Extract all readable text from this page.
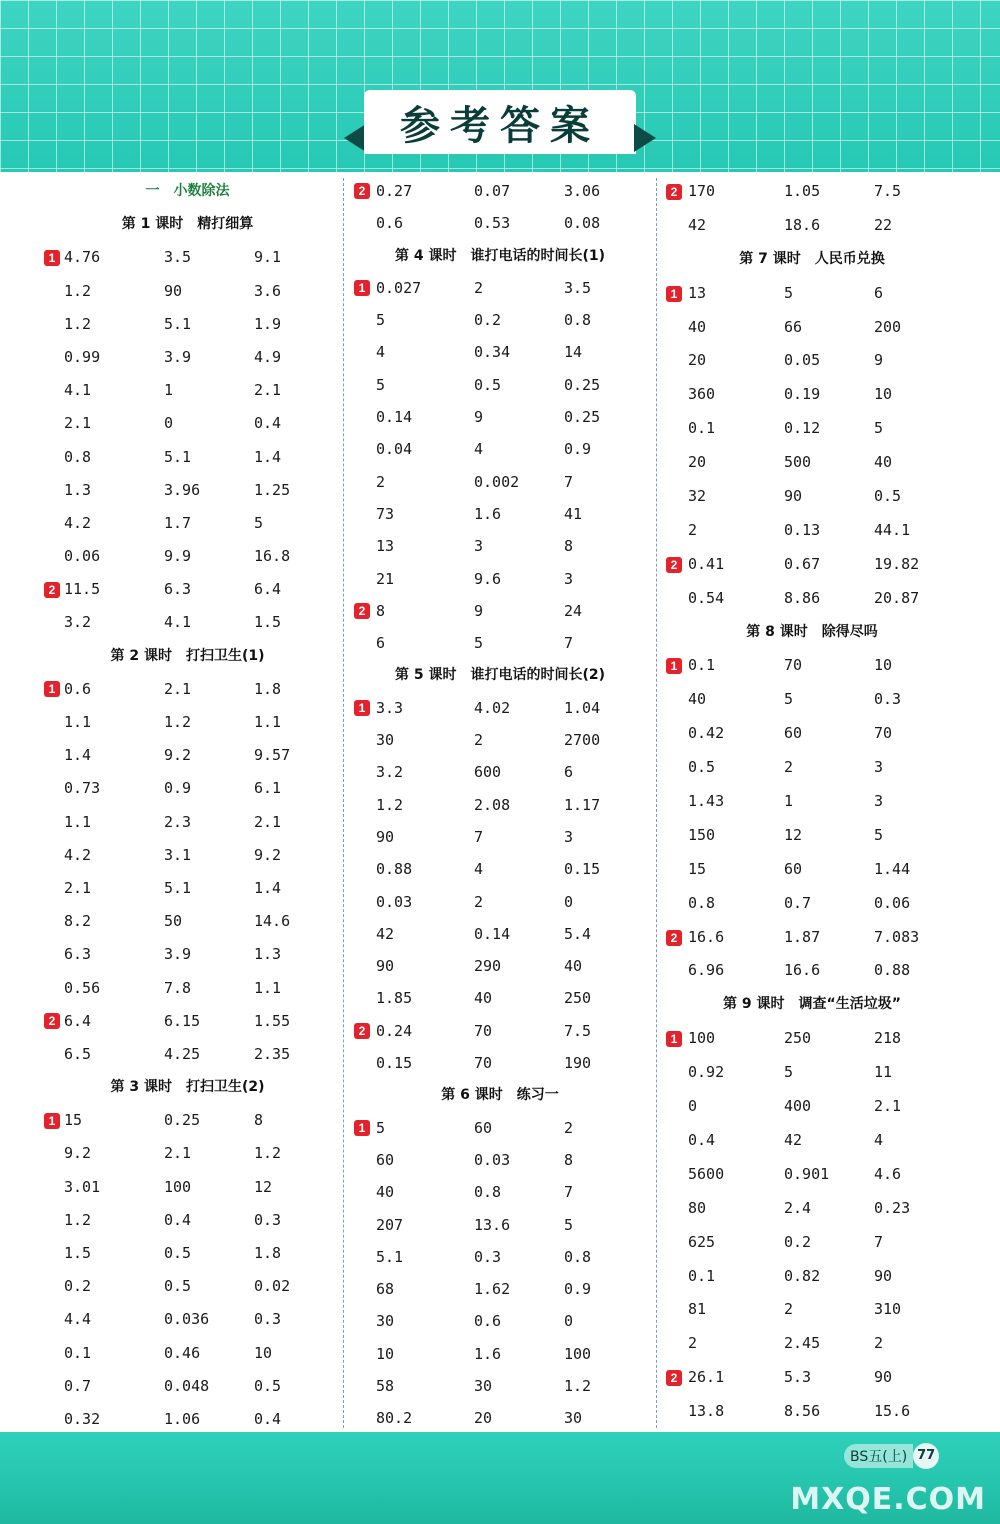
参考答案
一　小数除法
第 1 课时　精打细算
1 4.76	3.5	9.1
1.2	90	3.6
1.2	5.1	1.9
0.99	3.9	4.9
4.1	1	2.1
2.1	0	0.4
0.8	5.1	1.4
1.3	3.96	1.25
4.2	1.7	5
0.06	9.9	16.8
2 11.5	6.3	6.4
3.2	4.1	1.5
第 2 课时　打扫卫生(1)
1 0.6	2.1	1.8
1.1	1.2	1.1
1.4	9.2	9.57
0.73	0.9	6.1
1.1	2.3	2.1
4.2	3.1	9.2
2.1	5.1	1.4
8.2	50	14.6
6.3	3.9	1.3
0.56	7.8	1.1
2 6.4	6.15	1.55
6.5	4.25	2.35
第 3 课时　打扫卫生(2)
1 15	0.25	8
9.2	2.1	1.2
3.01	100	12
1.2	0.4	0.3
1.5	0.5	1.8
0.2	0.5	0.02
4.4	0.036	0.3
0.1	0.46	10
0.7	0.048	0.5
0.32	1.06	0.4
2 0.27	0.07	3.06
0.6	0.53	0.08
第 4 课时　谁打电话的时间长(1)
1 0.027	2	3.5
5	0.2	0.8
4	0.34	14
5	0.5	0.25
0.14	9	0.25
0.04	4	0.9
2	0.002	7
73	1.6	41
13	3	8
21	9.6	3
2 8	9	24
6	5	7
第 5 课时　谁打电话的时间长(2)
1 3.3	4.02	1.04
30	2	2700
3.2	600	6
1.2	2.08	1.17
90	7	3
0.88	4	0.15
0.03	2	0
42	0.14	5.4
90	290	40
1.85	40	250
2 0.24	70	7.5
0.15	70	190
第 6 课时　练习一
1 5	60	2
60	0.03	8
40	0.8	7
207	13.6	5
5.1	0.3	0.8
68	1.62	0.9
30	0.6	0
10	1.6	100
58	30	1.2
80.2	20	30
2 170	1.05	7.5
42	18.6	22
第 7 课时　人民币兑换
1 13	5	6
40	66	200
20	0.05	9
360	0.19	10
0.1	0.12	5
20	500	40
32	90	0.5
2	0.13	44.1
2 0.41	0.67	19.82
0.54	8.86	20.87
第 8 课时　除得尽吗
1 0.1	70	10
40	5	0.3
0.42	60	70
0.5	2	3
1.43	1	3
150	12	5
15	60	1.44
0.8	0.7	0.06
2 16.6	1.87	7.083
6.96	16.6	0.88
第 9 课时　调查“生活垃圾”
1 100	250	218
0.92	5	11
0	400	2.1
0.4	42	4
5600	0.901	4.6
80	2.4	0.23
625	0.2	7
0.1	0.82	90
81	2	310
2	2.45	2
2 26.1	5.3	90
13.8	8.56	15.6
BS五(上) 77
MXQE.COM
